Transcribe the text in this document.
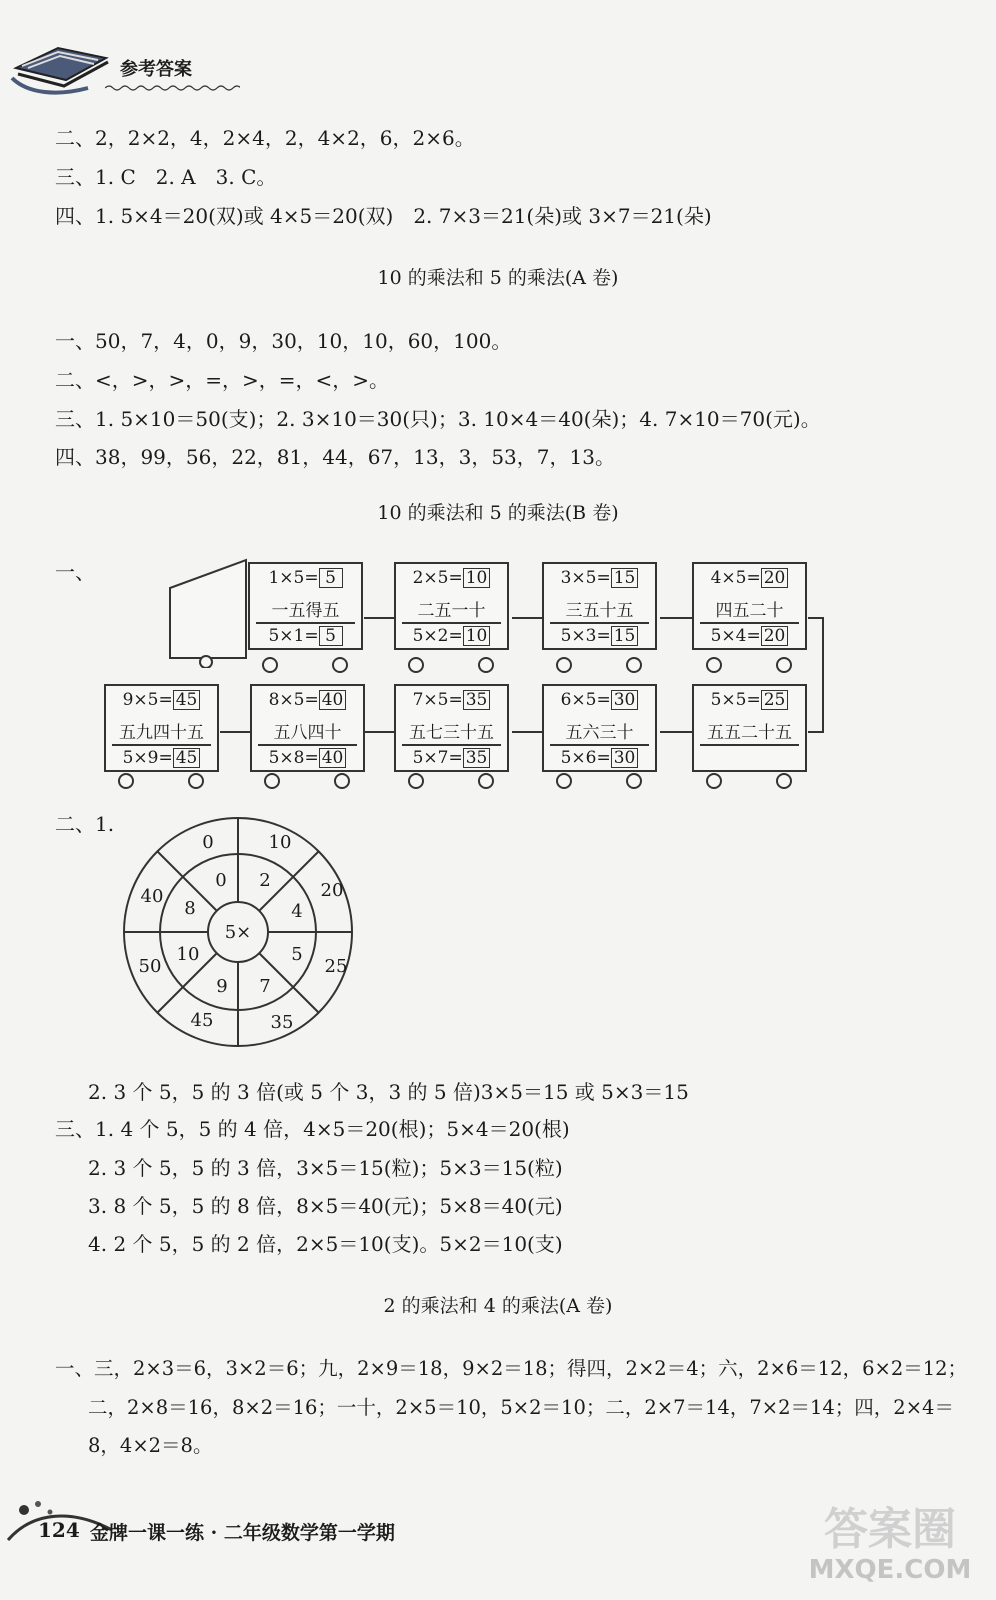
参考答案
二、2，2×2，4，2×4，2，4×2，6，2×6。
三、1. C　2. A　3. C。
四、1. 5×4＝20(双)或 4×5＝20(双)　2. 7×3＝21(朵)或 3×7＝21(朵)
10 的乘法和 5 的乘法(A 卷)
一、50，7，4，0，9，30，10，10，60，100。
二、<，>，>，=，>，=，<，>。
三、1. 5×10＝50(支)；2. 3×10＝30(只)；3. 10×4＝40(朵)；4. 7×10＝70(元)。
四、38，99，56，22，81，44，67，13，3，53，7，13。
10 的乘法和 5 的乘法(B 卷)
一、	1×5= 5
一五得五
5×1= 5
2×5= 10
二五一十
5×2= 10
3×5= 15
三五十五
5×3= 15
4×5= 20
四五二十
5×4= 20
9×5= 45
五九四十五
5×9= 45
8×5= 40
五八四十
5×8= 40
7×5= 35
五七三十五
5×7= 35
6×5= 30
五六三十
5×6= 30
5×5= 25
五五二十五
二、1.
5×
2
4
5
7
9
10
8
0
10
20
25
35
45
50
40
0
2. 3 个 5，5 的 3 倍(或 5 个 3，3 的 5 倍)3×5＝15 或 5×3＝15
三、1. 4 个 5，5 的 4 倍，4×5＝20(根)；5×4＝20(根)
2. 3 个 5，5 的 3 倍，3×5＝15(粒)；5×3＝15(粒)
3. 8 个 5，5 的 8 倍，8×5＝40(元)；5×8＝40(元)
4. 2 个 5，5 的 2 倍，2×5＝10(支)。5×2＝10(支)
2 的乘法和 4 的乘法(A 卷)
一、三，2×3＝6，3×2＝6；九，2×9＝18，9×2＝18；得四，2×2＝4；六，2×6＝12，6×2＝12；
二，2×8＝16，8×2＝16；一十，2×5＝10，5×2＝10；二，2×7＝14，7×2＝14；四，2×4＝
8，4×2＝8。
124 金牌一课一练 · 二年级数学第一学期	答案圈
MXQE.COM
